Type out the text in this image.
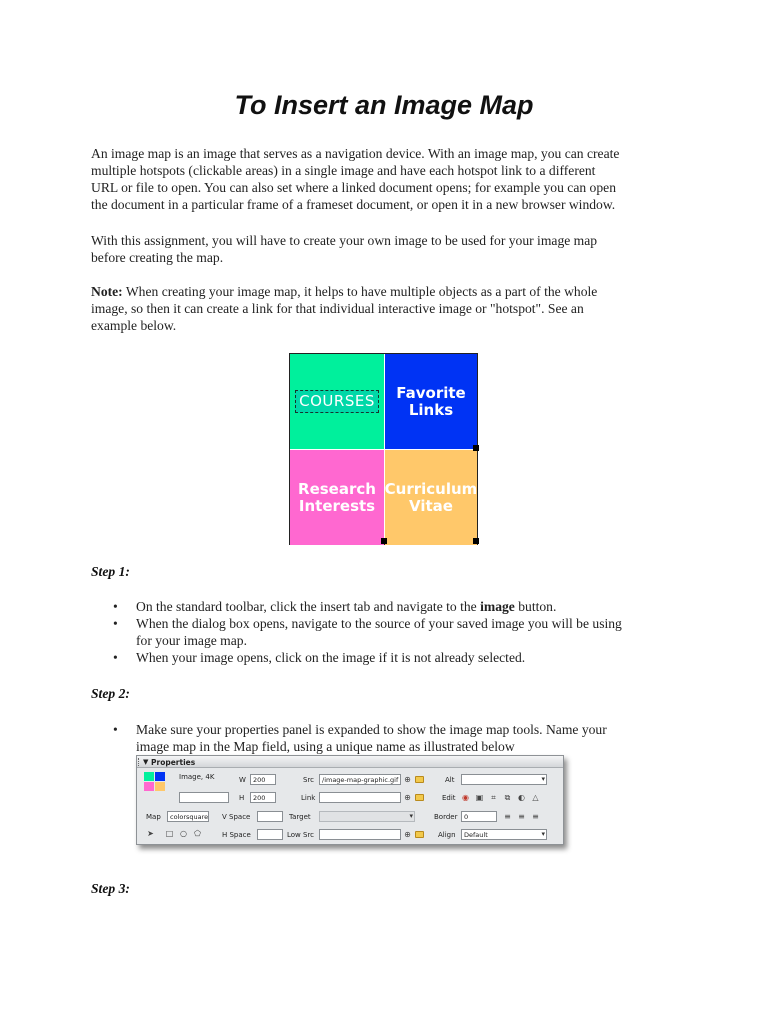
To Insert an Image Map
An image map is an image that serves as a navigation device. With an image map, you can create
multiple hotspots (clickable areas) in a single image and have each hotspot link to a different
URL or file to open. You can also set where a linked document opens; for example you can open
the document in a particular frame of a frameset document, or open it in a new browser window.
With this assignment, you will have to create your own image to be used for your image map
before creating the map.
Note: When creating your image map, it helps to have multiple objects as a part of the whole
image, so then it can create a link for that individual interactive image or "hotspot". See an
example below.
COURSES Favorite
Links
Research
Interests
Curriculum
Vitae
Step 1:
• On the standard toolbar, click the insert tab and navigate to the image button.
• When the dialog box opens, navigate to the source of your saved image you will be using
for your image map.
• When your image opens, click on the image if it is not already selected.
Step 2:
• Make sure your properties panel is expanded to show the image map tools. Name your
image map in the Map field, using a unique name as illustrated below
▼ Properties
Image, 4K	W	200	Src	/image-map-graphic.gif ⊕	Alt
▾
H	200	Link	⊕	Edit ◉ ▣ ⌗ ⧉ ◐ △
Map	colorsquare V Space	Target
▾	Border	0	≡ ≡ ≡
➤ □ ○ ⬠	H Space	Low Src	⊕	Align	Default ▾
Step 3:
